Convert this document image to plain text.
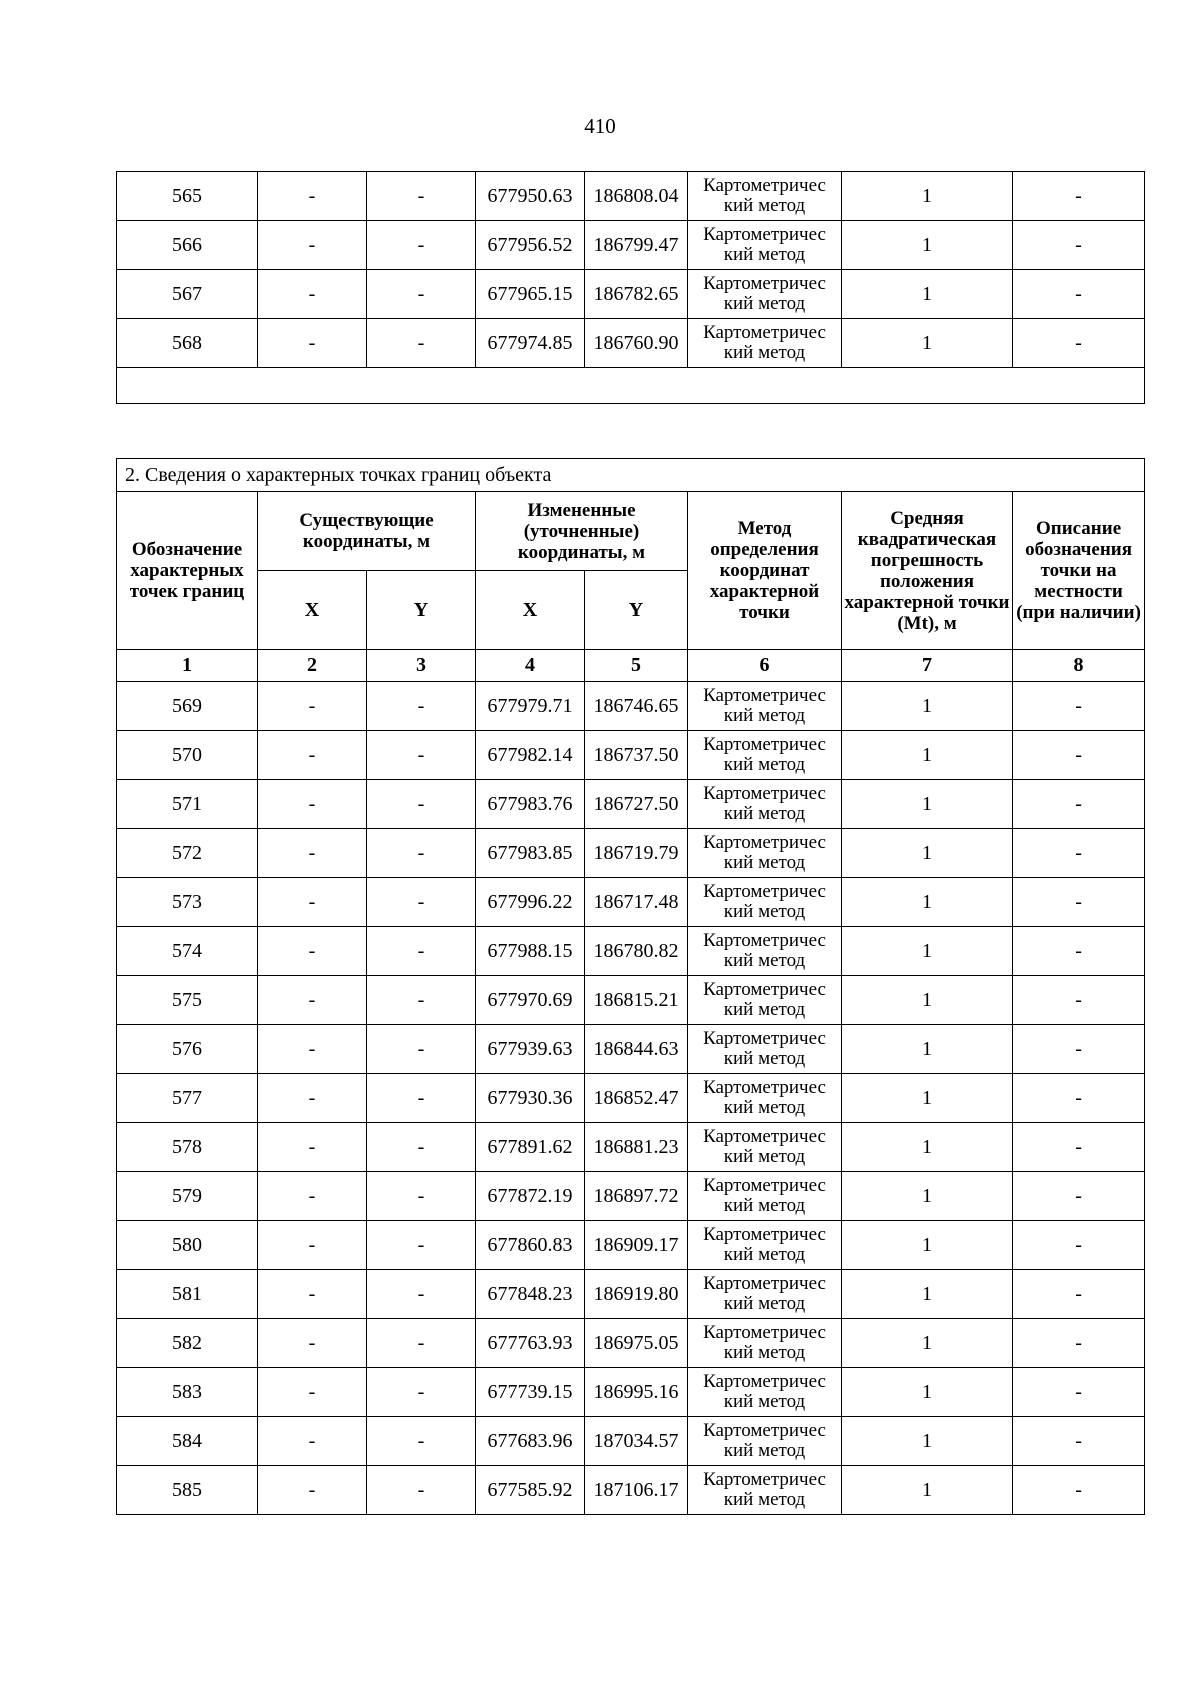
410
565	-	-	677950.63	186808.04	Картометричес кий метод	1	-
566	-	-	677956.52	186799.47	Картометричес кий метод	1	-
567	-	-	677965.15	186782.65	Картометричес кий метод	1	-
568	-	-	677974.85	186760.90	Картометричес кий метод	1	-

2. Сведения о характерных точках границ объекта							
Обозначение характерных точек границ	Существующие координаты, м		Измененные (уточненные) координаты, м		Метод определения координат характерной точки	Средняя квадратическая погрешность положения характерной точки (Mt), м	Описание обозначения точки на местности (при наличии)
	X	Y	X	Y			
1	2	3	4	5	6	7	8
569	-	-	677979.71	186746.65	Картометричес кий метод	1	-
570	-	-	677982.14	186737.50	Картометричес кий метод	1	-
571	-	-	677983.76	186727.50	Картометричес кий метод	1	-
572	-	-	677983.85	186719.79	Картометричес кий метод	1	-
573	-	-	677996.22	186717.48	Картометричес кий метод	1	-
574	-	-	677988.15	186780.82	Картометричес кий метод	1	-
575	-	-	677970.69	186815.21	Картометричес кий метод	1	-
576	-	-	677939.63	186844.63	Картометричес кий метод	1	-
577	-	-	677930.36	186852.47	Картометричес кий метод	1	-
578	-	-	677891.62	186881.23	Картометричес кий метод	1	-
579	-	-	677872.19	186897.72	Картометричес кий метод	1	-
580	-	-	677860.83	186909.17	Картометричес кий метод	1	-
581	-	-	677848.23	186919.80	Картометричес кий метод	1	-
582	-	-	677763.93	186975.05	Картометричес кий метод	1	-
583	-	-	677739.15	186995.16	Картометричес кий метод	1	-
584	-	-	677683.96	187034.57	Картометричес кий метод	1	-
585	-	-	677585.92	187106.17	Картометричес кий метод	1	-
